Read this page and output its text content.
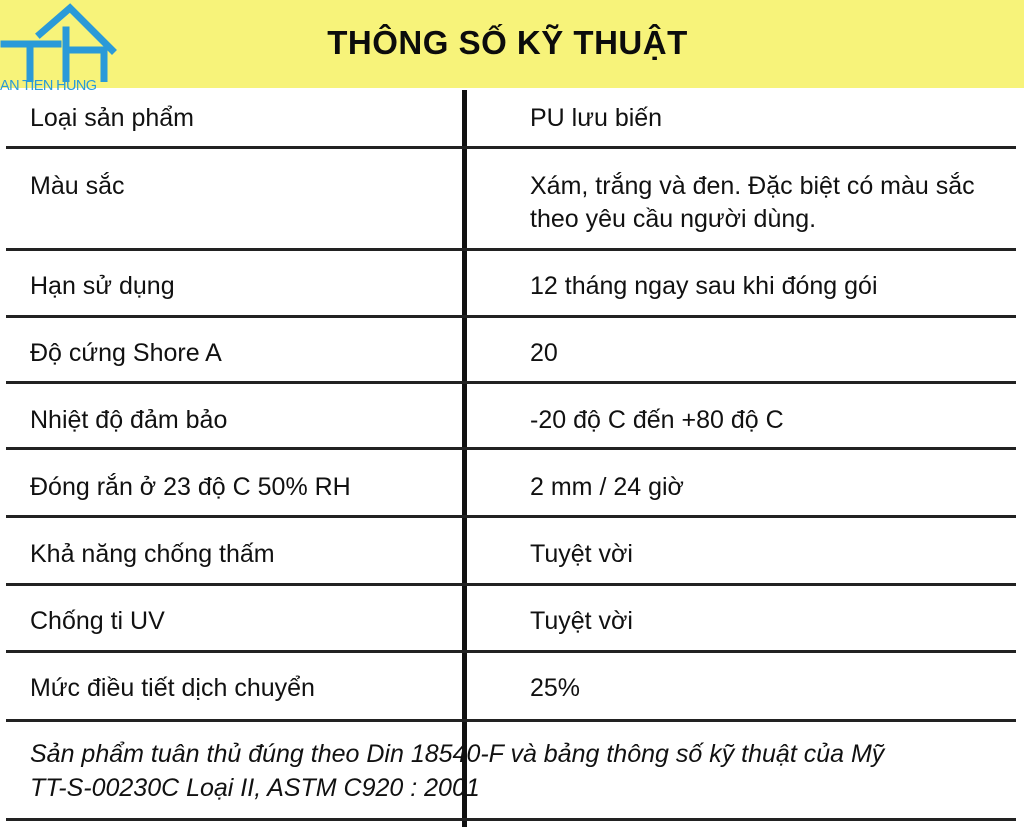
AN TIEN HUNG
THÔNG SỐ KỸ THUẬT
Loại sản phẩm	PU lưu biến
Màu sắc	Xám, trắng và đen. Đặc biệt có màu sắc
theo yêu cầu người dùng.
Hạn sử dụng	12 tháng ngay sau khi đóng gói
Độ cứng Shore A	20
Nhiệt độ đảm bảo	-20 độ C đến +80 độ C
Đóng rắn ở 23 độ C 50% RH	2 mm / 24 giờ
Khả năng chống thấm	Tuyệt vời
Chống ti UV	Tuyệt vời
Mức điều tiết dịch chuyển	25%
Sản phẩm tuân thủ đúng theo Din 18540-F và bảng thông số kỹ thuật của Mỹ
TT-S-00230C Loại II, ASTM C920 : 2001
